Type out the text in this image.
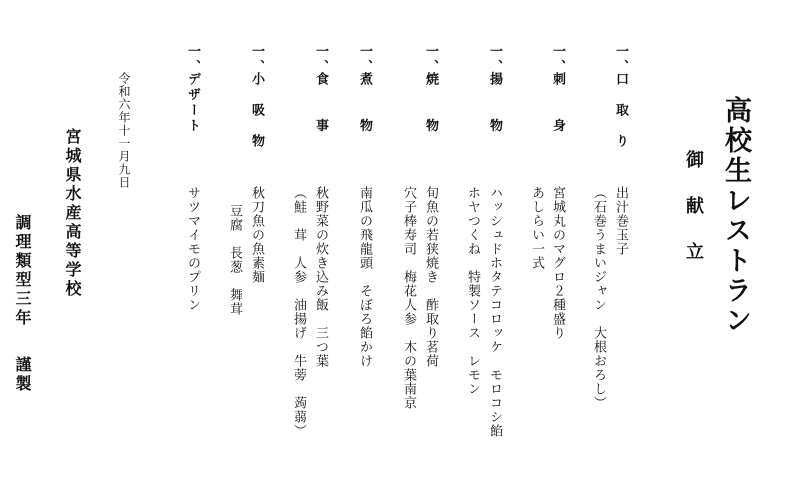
高校生レストラン
御献立
一、
口　取　り
出汁巻玉子
（石巻うまいジャン　大根おろし）
一、
刺　　身
宮城丸のマグロ２種盛り
あしらい一式
一、
揚　　物
ハッシュドホタテコロッケ　モロコシ餡
ホヤつくね　特製ソース　レモン
一、
焼　　物
旬魚の若狭焼き　酢取り茗荷
穴子棒寿司　梅花人参　木の葉南京
一、
煮　　物
南瓜の飛龍頭　そぼろ餡かけ
一、
食　　事
秋野菜の炊き込み飯　三つ葉
（鮭　茸　人参　油揚げ　牛蒡　蒟蒻）
一、
小　吸　物
秋刀魚の魚素麺
豆腐　長葱　舞茸
一、
デザート
サツマイモのプリン
令和六年十一月九日
宮城県水産高等学校
調理類型三年謹製
